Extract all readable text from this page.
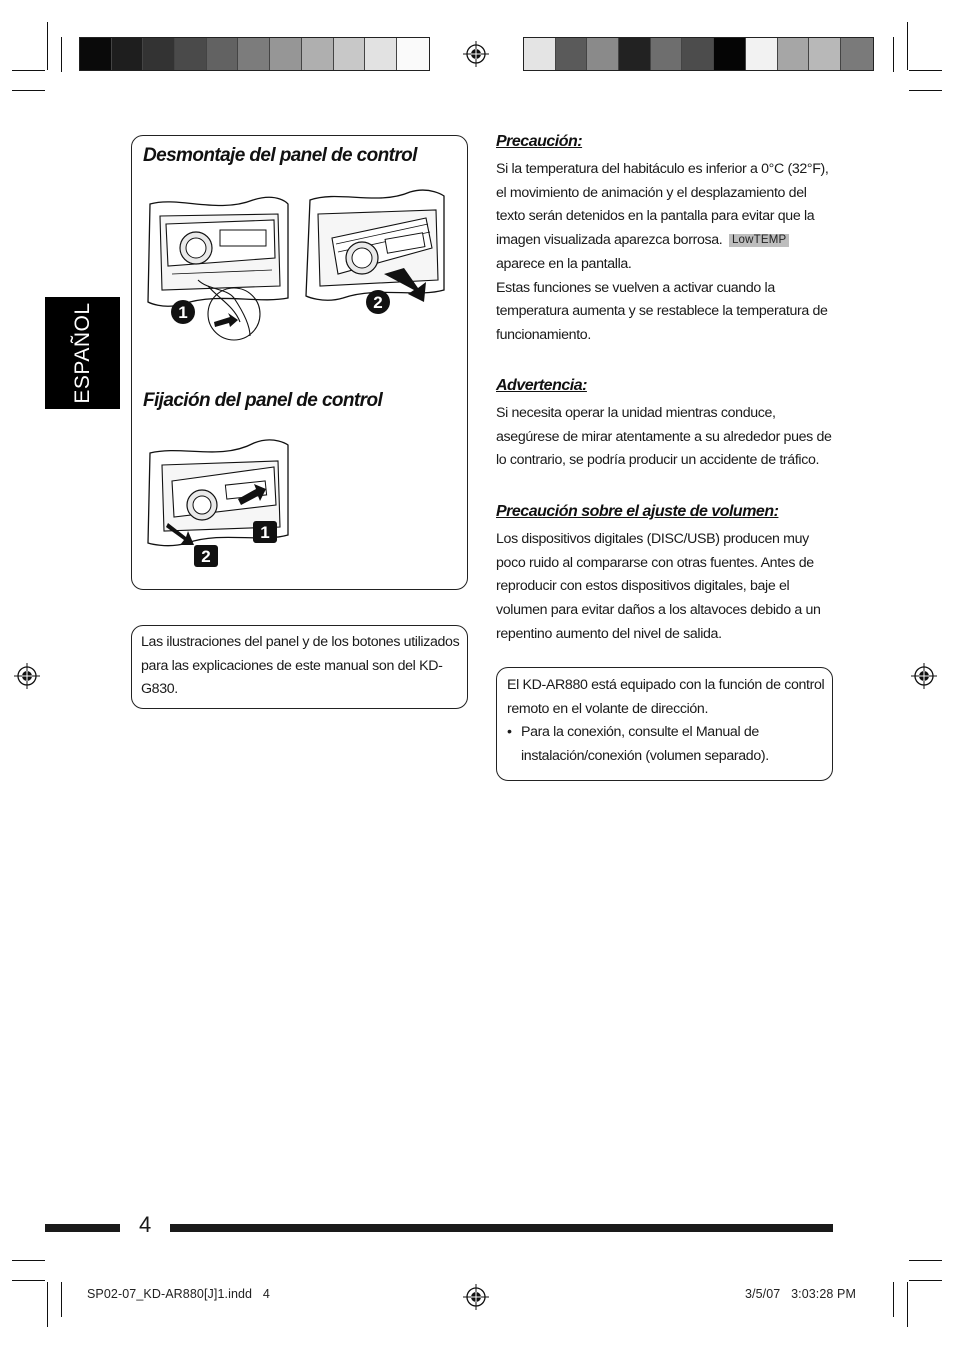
ESPAÑOL
Desmontaje del panel de control
1
2
Fijación del panel de control
1
2

Las ilustraciones del panel y de los botones utilizados para las explicaciones de este manual son del KD-G830.

Precaución:

Si la temperatura del habitáculo es inferior a 0°C (32°F), el movimiento de animación y el desplazamiento del texto serán detenidos en la pantalla para evitar que la imagen visualizada aparezca borrosa. LowTEMP aparece en la pantalla.

Estas funciones se vuelven a activar cuando la temperatura aumenta y se restablece la temperatura de funcionamiento.

Advertencia:

Si necesita operar la unidad mientras conduce, asegúrese de mirar atentamente a su alrededor pues de lo contrario, se podría producir un accidente de tráfico.

Precaución sobre el ajuste de volumen:

Los dispositivos digitales (DISC/USB) producen muy poco ruido al compararse con otras fuentes. Antes de reproducir con estos dispositivos digitales, baje el volumen para evitar daños a los altavoces debido a un repentino aumento del nivel de salida.

El KD-AR880 está equipado con la función de control remoto en el volante de dirección.

• Para la conexión, consulte el Manual de instalación/conexión (volumen separado).
4
SP02-07_KD-AR880[J]1.indd   4	3/5/07   3:03:28 PM
